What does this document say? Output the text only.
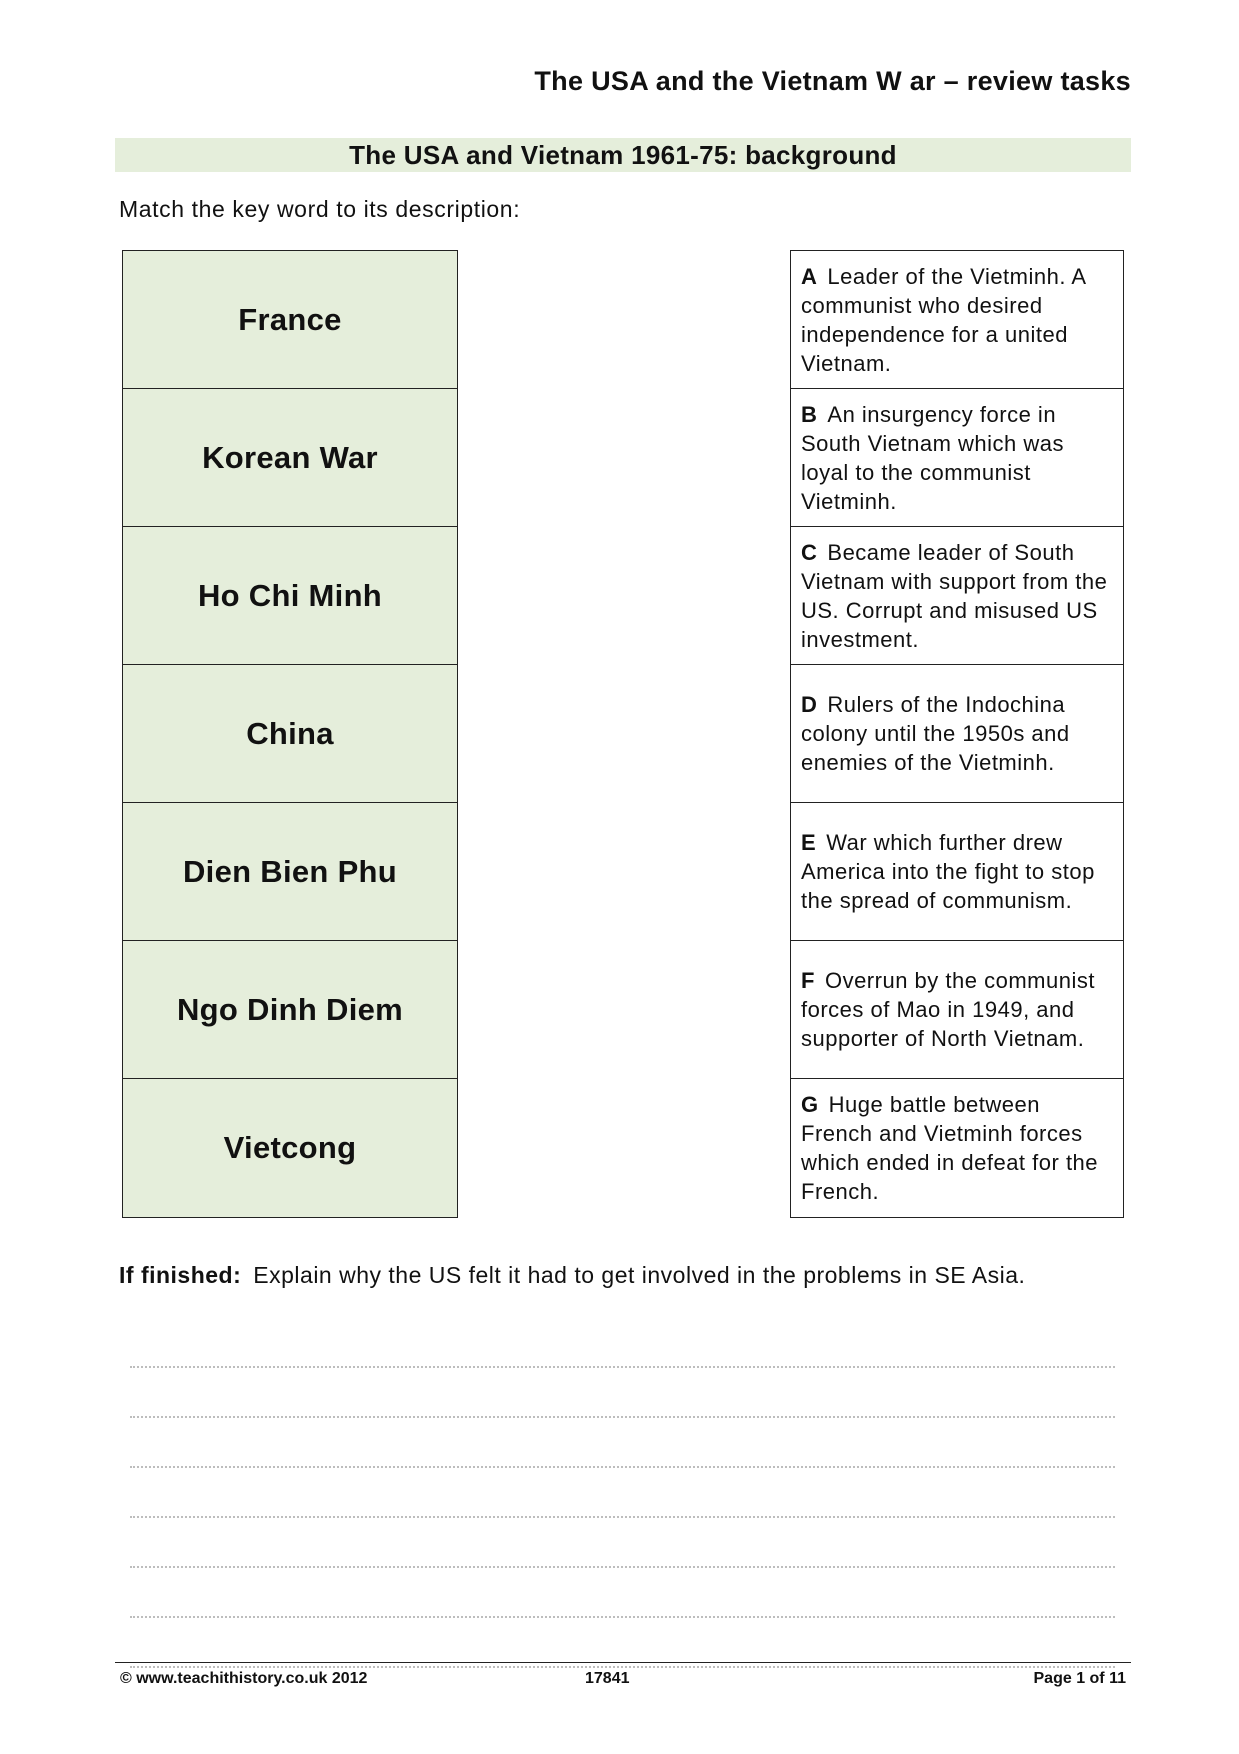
The USA and the Vietnam W ar – review tasks
The USA and Vietnam 1961-75: background
Match the key word to its description:
France
Korean War
Ho Chi Minh
China
Dien Bien Phu
Ngo Dinh Diem
Vietcong
A Leader of the Vietminh. A communist who desired independence for a united Vietnam.
B An insurgency force in South Vietnam which was loyal to the communist Vietminh.
C Became leader of South Vietnam with support from the US. Corrupt and misused US investment.
D Rulers of the Indochina colony until the 1950s and enemies of the Vietminh.
E War which further drew America into the fight to stop the spread of communism.
F Overrun by the communist forces of Mao in 1949, and supporter of North Vietnam.
G Huge battle between French and Vietminh forces which ended in defeat for the French.
If finished: Explain why the US felt it had to get involved in the problems in SE Asia.
© www.teachithistory.co.uk 2012	17841	Page 1 of 11
